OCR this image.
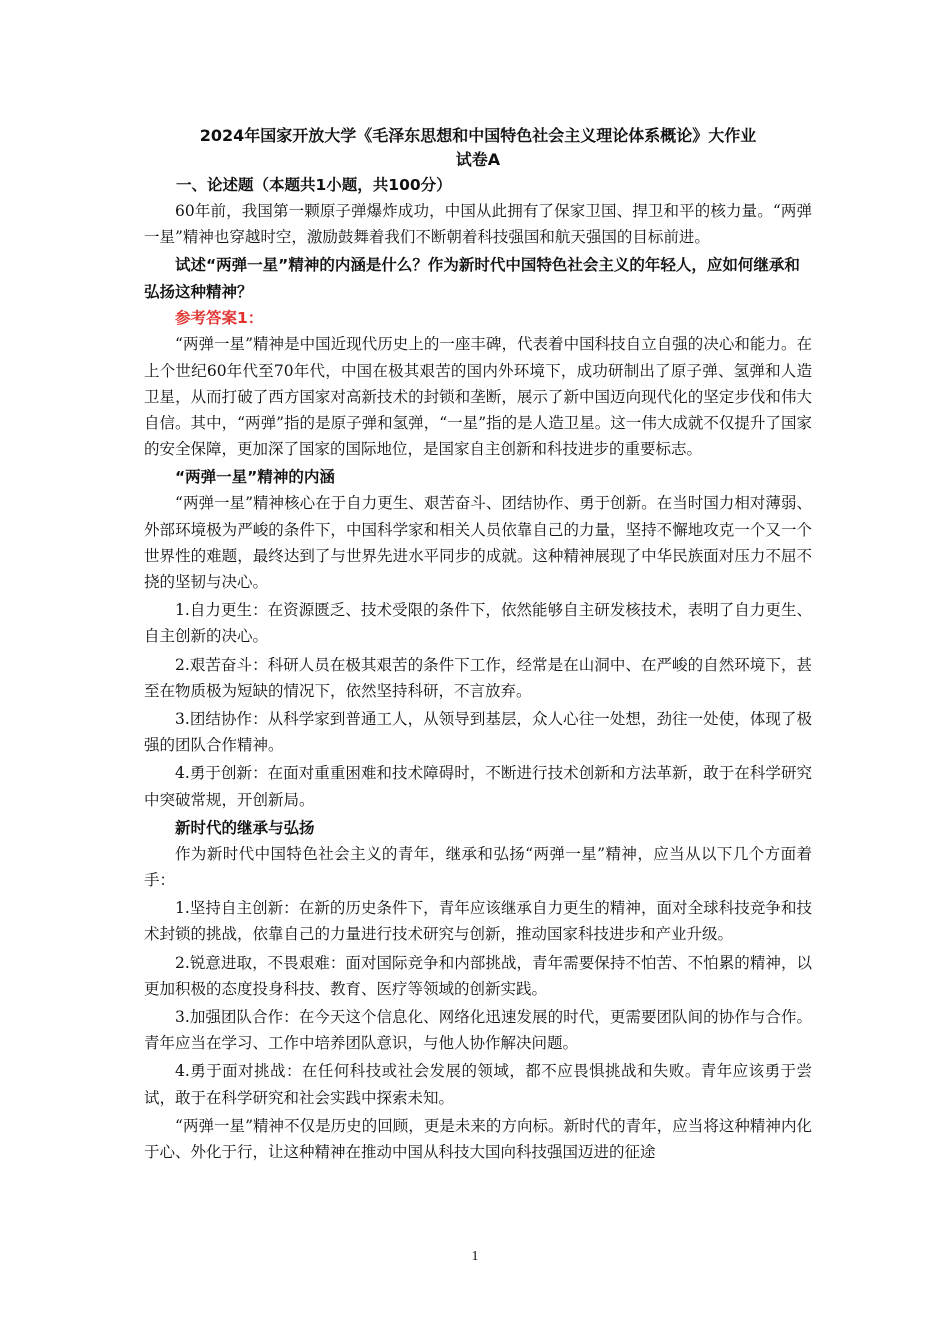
2024年国家开放大学《毛泽东思想和中国特色社会主义理论体系概论》大作业
试卷A
一、论述题（本题共1小题，共100分）

60年前，我国第一颗原子弹爆炸成功，中国从此拥有了保家卫国、捍卫和平的核力量。“两弹一星”精神也穿越时空，激励鼓舞着我们不断朝着科技强国和航天强国的目标前进。

试述“两弹一星”精神的内涵是什么？作为新时代中国特色社会主义的年轻人，应如何继承和弘扬这种精神？
参考答案1：

“两弹一星”精神是中国近现代历史上的一座丰碑，代表着中国科技自立自强的决心和能力。在上个世纪60年代至70年代，中国在极其艰苦的国内外环境下，成功研制出了原子弹、氢弹和人造卫星，从而打破了西方国家对高新技术的封锁和垄断，展示了新中国迈向现代化的坚定步伐和伟大自信。其中，“两弹”指的是原子弹和氢弹，“一星”指的是人造卫星。这一伟大成就不仅提升了国家的安全保障，更加深了国家的国际地位，是国家自主创新和科技进步的重要标志。

“两弹一星”精神的内涵

“两弹一星”精神核心在于自力更生、艰苦奋斗、团结协作、勇于创新。在当时国力相对薄弱、外部环境极为严峻的条件下，中国科学家和相关人员依靠自己的力量，坚持不懈地攻克一个又一个世界性的难题，最终达到了与世界先进水平同步的成就。这种精神展现了中华民族面对压力不屈不挠的坚韧与决心。

1.自力更生：在资源匮乏、技术受限的条件下，依然能够自主研发核技术，表明了自力更生、自主创新的决心。

2.艰苦奋斗：科研人员在极其艰苦的条件下工作，经常是在山洞中、在严峻的自然环境下，甚至在物质极为短缺的情况下，依然坚持科研，不言放弃。

3.团结协作：从科学家到普通工人，从领导到基层，众人心往一处想，劲往一处使，体现了极强的团队合作精神。

4.勇于创新：在面对重重困难和技术障碍时，不断进行技术创新和方法革新，敢于在科学研究中突破常规，开创新局。

新时代的继承与弘扬

作为新时代中国特色社会主义的青年，继承和弘扬“两弹一星”精神，应当从以下几个方面着手：

1.坚持自主创新：在新的历史条件下，青年应该继承自力更生的精神，面对全球科技竞争和技术封锁的挑战，依靠自己的力量进行技术研究与创新，推动国家科技进步和产业升级。

2.锐意进取，不畏艰难：面对国际竞争和内部挑战，青年需要保持不怕苦、不怕累的精神，以更加积极的态度投身科技、教育、医疗等领域的创新实践。

3.加强团队合作：在今天这个信息化、网络化迅速发展的时代，更需要团队间的协作与合作。青年应当在学习、工作中培养团队意识，与他人协作解决问题。

4.勇于面对挑战：在任何科技或社会发展的领域，都不应畏惧挑战和失败。青年应该勇于尝试，敢于在科学研究和社会实践中探索未知。

“两弹一星”精神不仅是历史的回顾，更是未来的方向标。新时代的青年，应当将这种精神内化于心、外化于行，让这种精神在推动中国从科技大国向科技强国迈进的征途

1
